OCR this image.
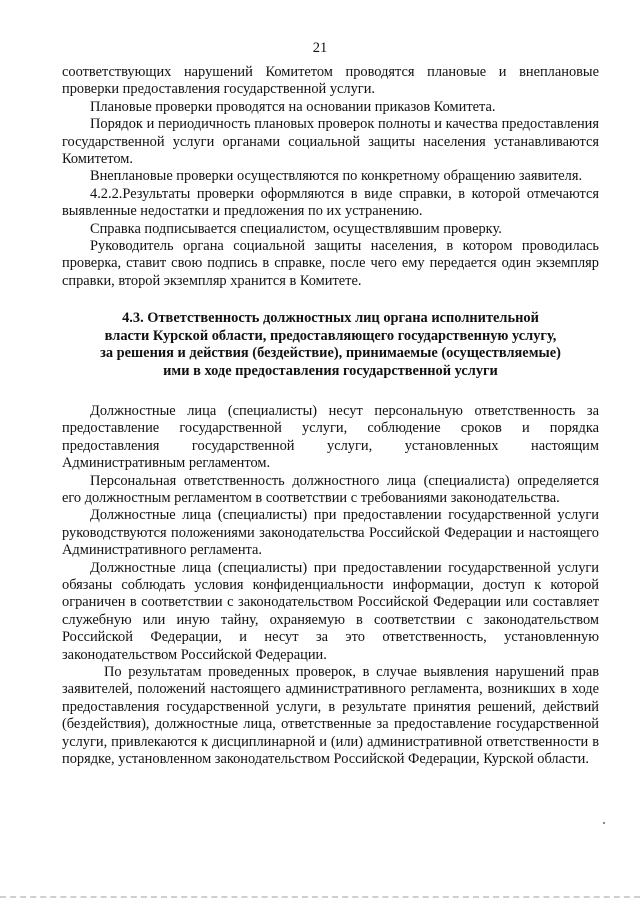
21

соответствующих нарушений Комитетом проводятся плановые и внеплановые проверки предоставления государственной услуги.

Плановые проверки проводятся на основании приказов Комитета.

Порядок и периодичность плановых проверок полноты и качества предоставления государственной услуги органами социальной защиты населения устанавливаются Комитетом.

Внеплановые проверки осуществляются по конкретному обращению заявителя.

4.2.2.Результаты проверки оформляются в виде справки, в которой отмечаются выявленные недостатки и предложения по их устранению.

Справка подписывается специалистом, осуществлявшим проверку.

Руководитель органа социальной защиты населения, в котором проводилась проверка, ставит свою подпись в справке, после чего ему передается один экземпляр справки, второй экземпляр хранится в Комитете.

4.3. Ответственность должностных лиц органа исполнительной
власти Курской области, предоставляющего государственную услугу,
за решения и действия (бездействие), принимаемые (осуществляемые)
ими в ходе предоставления государственной услуги

Должностные лица (специалисты) несут персональную ответственность за предоставление государственной услуги, соблюдение сроков и порядка предоставления государственной услуги, установленных настоящим Административным регламентом.

Персональная ответственность должностного лица (специалиста) определяется его должностным регламентом в соответствии с требованиями законодательства.

Должностные лица (специалисты) при предоставлении государственной услуги руководствуются положениями законодательства Российской Федерации и настоящего Административного регламента.

Должностные лица (специалисты) при предоставлении государственной услуги обязаны соблюдать условия конфиденциальности информации, доступ к которой ограничен в соответствии с законодательством Российской Федерации или составляет служебную или иную тайну, охраняемую в соответствии с законодательством Российской Федерации, и несут за это ответственность, установленную законодательством Российской Федерации.

По результатам проведенных проверок, в случае выявления нарушений прав заявителей, положений настоящего административного регламента, возникших в ходе предоставления государственной услуги, в результате принятия решений, действий (бездействия), должностные лица, ответственные за предоставление государственной услуги, привлекаются к дисциплинарной и (или) административной ответственности в порядке, установленном законодательством Российской Федерации, Курской области.
